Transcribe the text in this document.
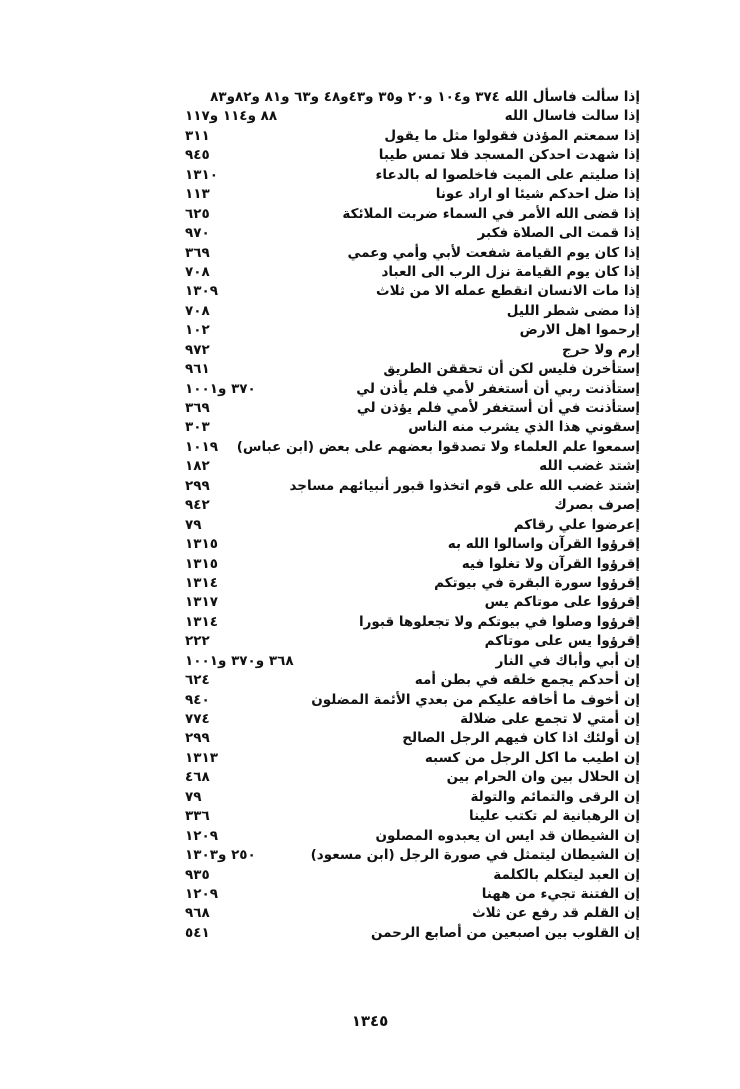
إذا سألت فاسأل الله ٣٧٤ و١٠٤ و٢٠ و٣٥ و٤٣و٤٨ و٦٣ و٨١ و٨٢و٨٣
إذا سالت فاسال الله
٨٨ و١١٤ و١١٧
إذا سمعتم المؤذن فقولوا مثل ما يقول
٣١١
إذا شهدت احدكن المسجد فلا تمس طيبا
٩٤٥
إذا صليتم على الميت فاخلصوا له بالدعاء
١٣١٠
إذا ضل احدكم شيئا او اراد عونا
١١٣
إذا قضى الله الأمر في السماء ضربت الملائكة
٦٢٥
إذا قمت الى الصلاة فكبر
٩٧٠
إذا كان يوم القيامة شفعت لأبي وأمي وعمي
٣٦٩
إذا كان يوم القيامة نزل الرب الى العباد
٧٠٨
إذا مات الانسان انقطع عمله الا من ثلاث
١٣٠٩
إذا مضى شطر الليل
٧٠٨
إرحموا اهل الارض
١٠٢
إرم ولا حرج
٩٧٢
إستأخرن فليس لكن أن تحققن الطريق
٩٦١
إستأذنت ربي أن أستغفر لأمي فلم يأذن لي
٣٧٠ و١٠٠١
إستأذنت في أن أستغفر لأمي فلم يؤذن لي
٣٦٩
إسقوني هذا الذي يشرب منه الناس
٣٠٣
إسمعوا علم العلماء ولا تصدقوا بعضهم على بعض (ابن عباس)
١٠١٩
إشتد غضب الله
١٨٢
إشتد غضب الله على قوم اتخذوا قبور أنبيائهم مساجد
٢٩٩
إصرف بصرك
٩٤٢
إعرضوا علي رقاكم
٧٩
إقرؤوا القرآن واسالوا الله به
١٣١٥
إقرؤوا القرآن ولا تغلوا فيه
١٣١٥
إقرؤوا سورة البقرة في بيوتكم
١٣١٤
إقرؤوا على موتاكم يس
١٣١٧
إقرؤوا وصلوا في بيوتكم ولا تجعلوها قبورا
١٣١٤
إقرؤوا يس على موتاكم
٢٢٢
إن أبي وأباك في النار
٣٦٨ و٣٧٠ و١٠٠١
إن أحدكم يجمع خلقه في بطن أمه
٦٢٤
إن أخوف ما أخافه عليكم من بعدي الأئمة المضلون
٩٤٠
إن أمتي لا تجمع على ضلالة
٧٧٤
إن أولئك اذا كان فيهم الرجل الصالح
٢٩٩
إن اطيب ما اكل الرجل من كسبه
١٣١٣
إن الحلال بين وان الحرام بين
٤٦٨
إن الرقى والتمائم والتولة
٧٩
إن الرهبانية لم تكتب علينا
٣٣٦
إن الشيطان قد ايس ان يعبدوه المصلون
١٢٠٩
إن الشيطان ليتمثل في صورة الرجل (ابن مسعود)
٢٥٠ و١٣٠٣
إن العبد ليتكلم بالكلمة
٩٣٥
إن الفتنة تجيء من ههنا
١٢٠٩
إن القلم قد رفع عن ثلاث
٩٦٨
إن القلوب بين اصبعين من أصابع الرحمن
٥٤١
١٣٤٥
